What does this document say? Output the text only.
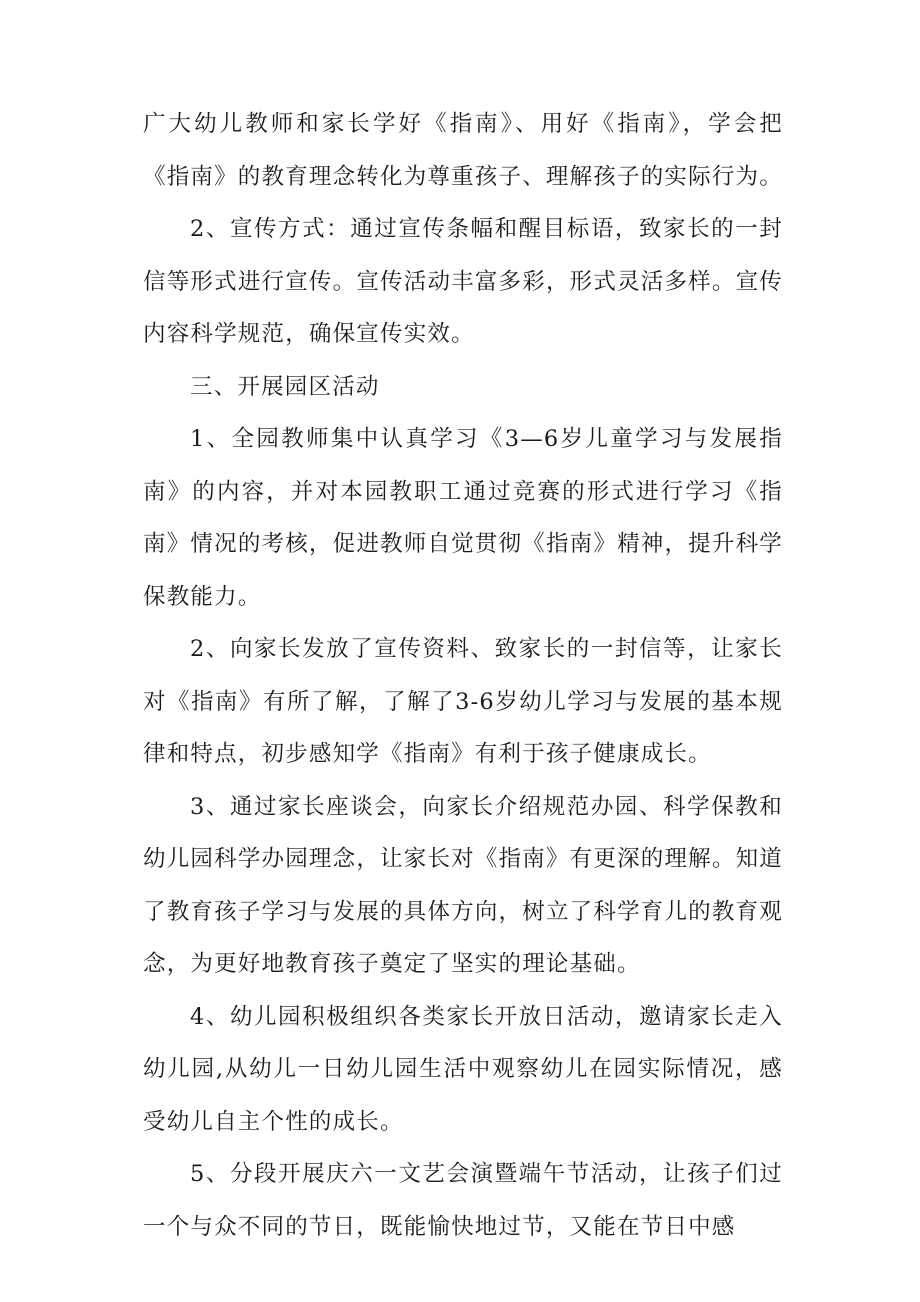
广大幼儿教师和家长学好《指南》、用好《指南》，学会把《指南》的教育理念转化为尊重孩子、理解孩子的实际行为。

2、宣传方式：通过宣传条幅和醒目标语，致家长的一封信等形式进行宣传。宣传活动丰富多彩，形式灵活多样。宣传内容科学规范，确保宣传实效。

三、开展园区活动

1、全园教师集中认真学习《3—6岁儿童学习与发展指南》的内容，并对本园教职工通过竞赛的形式进行学习《指南》情况的考核，促进教师自觉贯彻《指南》精神，提升科学保教能力。

2、向家长发放了宣传资料、致家长的一封信等，让家长对《指南》有所了解，了解了3-6岁幼儿学习与发展的基本规律和特点，初步感知学《指南》有利于孩子健康成长。

3、通过家长座谈会，向家长介绍规范办园、科学保教和幼儿园科学办园理念，让家长对《指南》有更深的理解。知道了教育孩子学习与发展的具体方向，树立了科学育儿的教育观念，为更好地教育孩子奠定了坚实的理论基础。

4、幼儿园积极组织各类家长开放日活动，邀请家长走入幼儿园,从幼儿一日幼儿园生活中观察幼儿在园实际情况，感受幼儿自主个性的成长。

5、分段开展庆六一文艺会演暨端午节活动，让孩子们过一个与众不同的节日，既能愉快地过节，又能在节日中感
